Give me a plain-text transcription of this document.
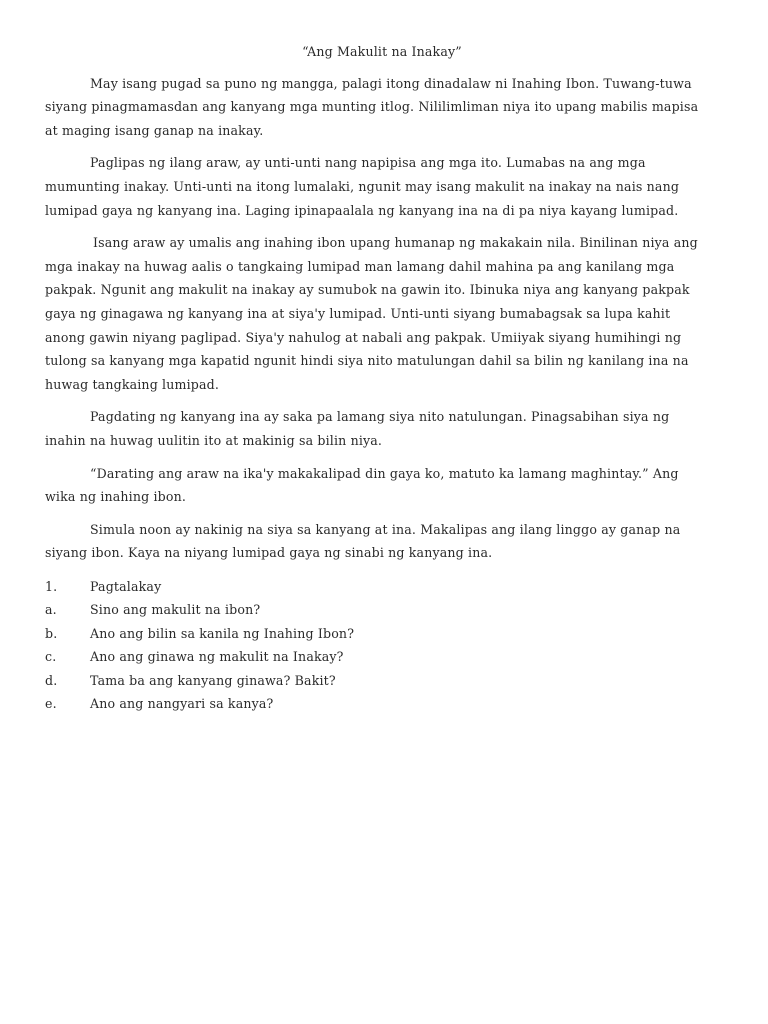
“Ang Makulit na Inakay”

May isang pugad sa puno ng mangga, palagi itong dinadalaw ni Inahing Ibon. Tuwang-tuwa siyang pinagmamasdan ang kanyang mga munting itlog. Nililimliman niya ito upang mabilis mapisa at maging isang ganap na inakay.

Paglipas ng ilang araw, ay unti-unti nang napipisa ang mga ito. Lumabas na ang mga mumunting inakay. Unti-unti na itong lumalaki, ngunit may isang makulit na inakay na nais nang lumipad gaya ng kanyang ina. Laging ipinapaalala ng kanyang ina na di pa niya kayang lumipad.

Isang araw ay umalis ang inahing ibon upang humanap ng makakain nila. Binilinan niya ang mga inakay na huwag aalis o tangkaing lumipad man lamang dahil mahina pa ang kanilang mga pakpak. Ngunit ang makulit na inakay ay sumubok na gawin ito. Ibinuka niya ang kanyang pakpak gaya ng ginagawa ng kanyang ina at siya'y lumipad. Unti-unti siyang bumabagsak sa lupa kahit anong gawin niyang paglipad. Siya'y nahulog at nabali ang pakpak. Umiiyak siyang humihingi ng tulong sa kanyang mga kapatid ngunit hindi siya nito matulungan dahil sa bilin ng kanilang ina na huwag tangkaing lumipad.

Pagdating ng kanyang ina ay saka pa lamang siya nito natulungan. Pinagsabihan siya ng inahin na huwag uulitin ito at makinig sa bilin niya.

“Darating ang araw na ika'y makakalipad din gaya ko, matuto ka lamang maghintay.” Ang wika ng inahing ibon.

Simula noon ay nakinig na siya sa kanyang at ina. Makalipas ang ilang linggo ay ganap na siyang ibon. Kaya na niyang lumipad gaya ng sinabi ng kanyang ina.

1.	Pagtalakay
a.	Sino ang makulit na ibon?
b.	Ano ang bilin sa kanila ng Inahing Ibon?
c.	Ano ang ginawa ng makulit na Inakay?
d.	Tama ba ang kanyang ginawa? Bakit?
e.	Ano ang nangyari sa kanya?
